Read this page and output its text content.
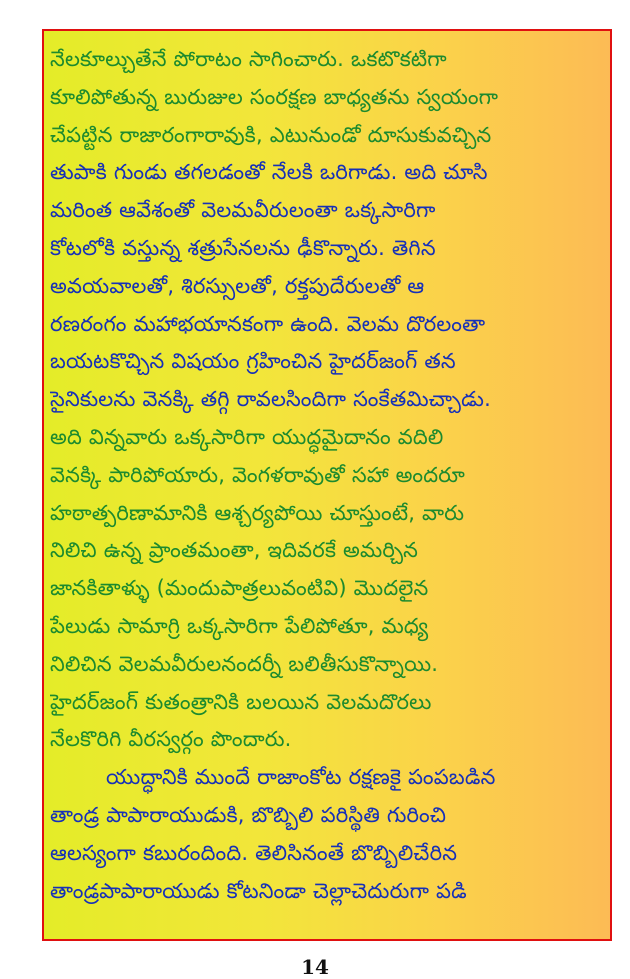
నేలకూల్చుతేనే పోరాటం సాగించారు. ఒకటొకటిగా
కూలిపోతున్న బురుజుల సంరక్షణ బాధ్యతను స్వయంగా
చేపట్టిన రాజారంగారావుకి, ఎటునుండో దూసుకువచ్చిన
తుపాకి గుండు తగలడంతో నేలకి ఒరిగాడు. అది చూసి
మరింత ఆవేశంతో వెలమవీరులంతా ఒక్కసారిగా
కోటలోకి వస్తున్న శత్రుసేనలను ఢీకొన్నారు. తెగిన
అవయవాలతో, శిరస్సులతో, రక్తపుదేరులతో ఆ
రణరంగం మహాభయానకంగా ఉంది. వెలమ దొరలంతా
బయటకొచ్చిన విషయం గ్రహించిన హైదర్‌జంగ్ తన
సైనికులను వెనక్కి తగ్గి రావలసిందిగా సంకేతమిచ్చాడు.
అది విన్నవారు ఒక్కసారిగా యుద్ధమైదానం వదిలి
వెనక్కి పారిపోయారు, వెంగళరావుతో సహా అందరూ
హఠాత్పరిణామానికి ఆశ్చర్యపోయి చూస్తుంటే, వారు
నిలిచి ఉన్న ప్రాంతమంతా, ఇదివరకే అమర్చిన
జానకితాళ్ళు (మందుపాత్రలువంటివి) మొదలైన
పేలుడు సామాగ్రి ఒక్కసారిగా పేలిపోతూ, మధ్య
నిలిచిన వెలమవీరులనందర్నీ బలితీసుకొన్నాయి.
హైదర్‌జంగ్ కుతంత్రానికి బలయిన వెలమదొరలు
నేలకొరిగి వీరస్వర్గం పొందారు.
యుద్ధానికి ముందే రాజాంకోట రక్షణకై పంపబడిన
తాండ్ర పాపారాయుడుకి, బొబ్బిలి పరిస్థితి గురించి
ఆలస్యంగా కబురందింది. తెలిసినంతే బొబ్బిలిచేరిన
తాండ్రపాపారాయుడు కోటనిండా చెల్లాచెదురుగా పడి
14
